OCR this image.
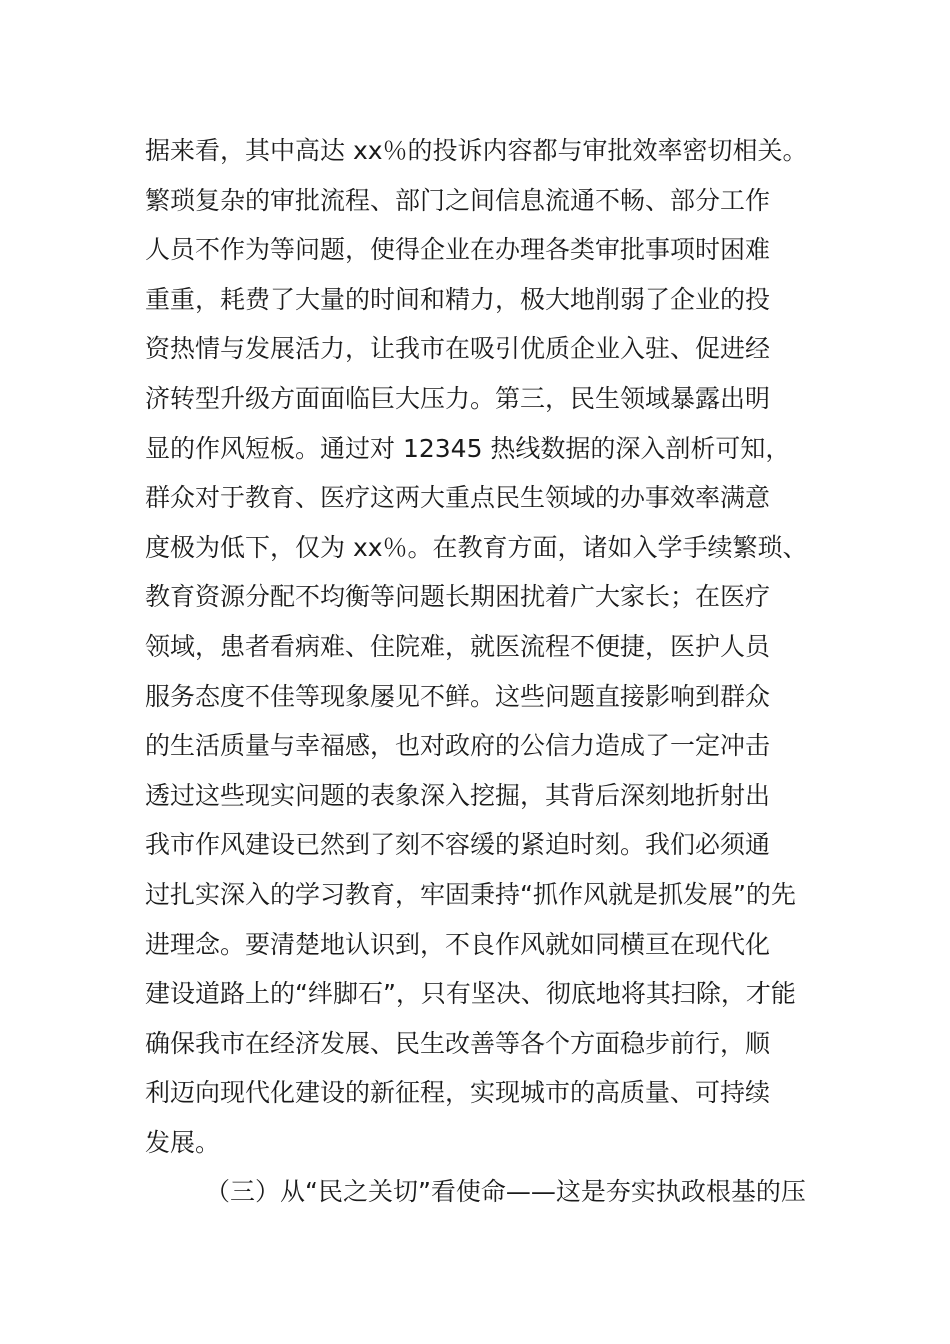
据来看，其中高达 xx％的投诉内容都与审批效率密切相关。
繁琐复杂的审批流程、部门之间信息流通不畅、部分工作
人员不作为等问题，使得企业在办理各类审批事项时困难
重重，耗费了大量的时间和精力，极大地削弱了企业的投
资热情与发展活力，让我市在吸引优质企业入驻、促进经
济转型升级方面面临巨大压力。第三，民生领域暴露出明
显的作风短板。通过对 12345 热线数据的深入剖析可知，
群众对于教育、医疗这两大重点民生领域的办事效率满意
度极为低下，仅为 xx％。在教育方面，诸如入学手续繁琐、
教育资源分配不均衡等问题长期困扰着广大家长；在医疗
领域，患者看病难、住院难，就医流程不便捷，医护人员
服务态度不佳等现象屡见不鲜。这些问题直接影响到群众
的生活质量与幸福感，也对政府的公信力造成了一定冲击
透过这些现实问题的表象深入挖掘，其背后深刻地折射出
我市作风建设已然到了刻不容缓的紧迫时刻。我们必须通
过扎实深入的学习教育，牢固秉持“抓作风就是抓发展”的先
进理念。要清楚地认识到，不良作风就如同横亘在现代化
建设道路上的“绊脚石”，只有坚决、彻底地将其扫除，才能
确保我市在经济发展、民生改善等各个方面稳步前行，顺
利迈向现代化建设的新征程，实现城市的高质量、可持续
发展。
（三）从“民之关切”看使命——这是夯实执政根基的压
